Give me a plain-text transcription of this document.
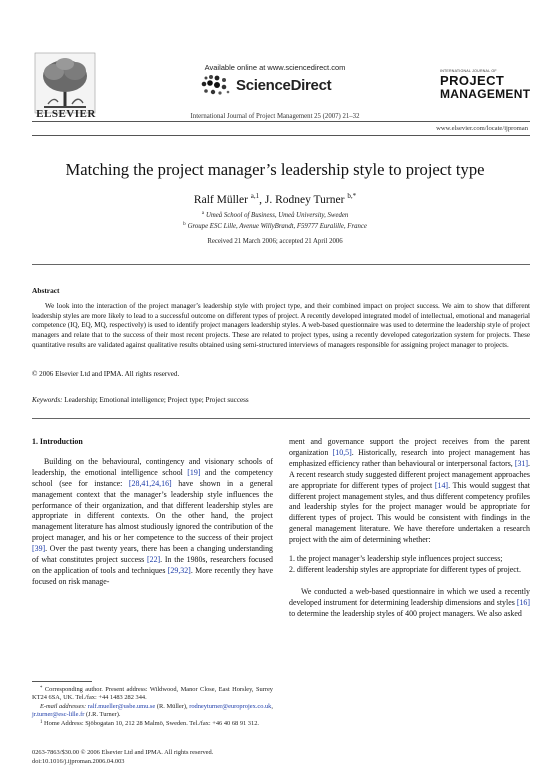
ELSEVIER
Available online at www.sciencedirect.com
ScienceDirect
INTERNATIONAL JOURNAL OF
PROJECT
MANAGEMENT
International Journal of Project Management 25 (2007) 21–32
www.elsevier.com/locate/ijproman
Matching the project manager’s leadership style to project type
Ralf Müller $^{a,1}$, J. Rodney Turner $^{b,*}$
$^a$ Umeå School of Business, Umeå University, Sweden
$^b$ Groupe ESC Lille, Avenue WillyBrandt, F59777 Euralille, France
Received 21 March 2006; accepted 21 April 2006
Abstract
We look into the interaction of the project manager’s leadership style with project type, and their combined impact on project success. We aim to show that different leadership styles are more likely to lead to a successful outcome on different types of project. A recently developed integrated model of intellectual, emotional and managerial competence (IQ, EQ, MQ, respectively) is used to identify project managers leadership styles. A web-based questionnaire was used to determine the leadership style of project managers and relate that to the success of their most recent projects. These are related to project types, using a recently developed categorization system for projects. These quantitative results are validated against qualitative results obtained using semi-structured interviews of managers responsible for assigning project manager to projects.
© 2006 Elsevier Ltd and IPMA. All rights reserved.
Keywords: Leadership; Emotional intelligence; Project type; Project success
1. Introduction

Building on the behavioural, contingency and visionary schools of leadership, the emotional intelligence school [19] and the competency school (see for instance: [28,41,24,16] have shown in a general management context that the manager’s leadership style influences the performance of their organization, and that different leadership styles are appropriate in different contexts. On the other hand, the project management literature has almost studiously ignored the contribution of the project manager, and his or her competence to the success of their project [39]. Over the past twenty years, there has been a changing understanding of what constitutes project success [22]. In the 1980s, researchers focused on the application of tools and techniques [29,32]. More recently they have focused on risk manage-

ment and governance support the project receives from the parent organization [10,5]. Historically, research into project management has emphasized efficiency rather than behavioural or interpersonal factors, [31]. A recent research study suggested different project management approaches are appropriate for different types of project [14]. This would suggest that different project management styles, and thus different competency profiles and leadership styles for the project manager would be appropriate for different types of project. This would be consistent with findings in the general management literature. We have therefore undertaken a research project with the aim of determining whether:

1. the project manager’s leadership style influences project success;
2. different leadership styles are appropriate for different types of project.

We conducted a web-based questionnaire in which we used a recently developed instrument for determining leadership dimensions and styles [16] to determine the leadership styles of 400 project managers. We also asked

* Corresponding author. Present address: Wildwood, Manor Close, East Horsley, Surrey KT24 6SA, UK. Tel./fax: +44 1483 282 344.
E-mail addresses: ralf.mueller@usbe.umu.se (R. Müller), rodneyturner@europrojex.co.uk, jr.turner@esc-lille.fr (J.R. Turner).
$^1$ Home Address: Sjöbogatan 10, 212 28 Malmö, Sweden. Tel./fax: +46 40 68 91 312.
0263-7863/$30.00 © 2006 Elsevier Ltd and IPMA. All rights reserved.
doi:10.1016/j.ijproman.2006.04.003
